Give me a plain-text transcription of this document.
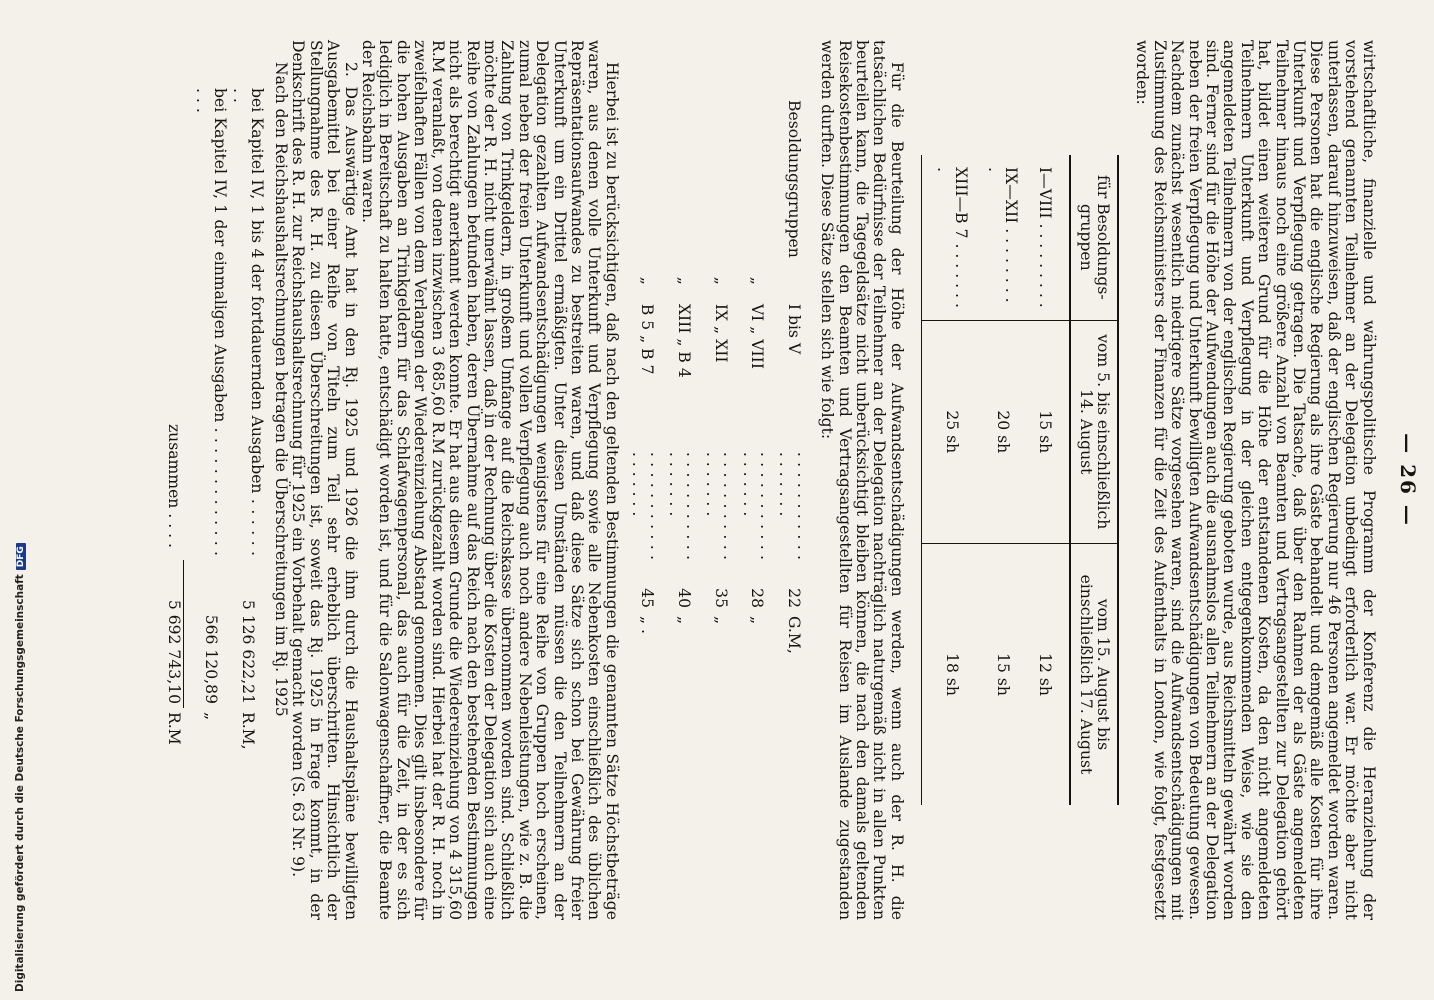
— 26 —

wirtschaftliche, finanzielle und währungspolitische Programm der Konferenz die Heranziehung der vorstehend genannten Teilnehmer an der Delegation unbedingt erforderlich war. Er möchte aber nicht unterlassen, darauf hinzuweisen, daß der englischen Regierung nur 46 Personen angemeldet worden waren. Diese Personen hat die englische Regierung als ihre Gäste behandelt und demgemäß alle Kosten für ihre Unterkunft und Verpflegung getragen. Die Tatsache, daß über den Rahmen der als Gäste angemeldeten Teilnehmer hinaus noch eine größere Anzahl von Beamten und Vertragsangestellten zur Delegation gehört hat, bildet einen weiteren Grund für die Höhe der entstandenen Kosten, da den nicht angemeldeten Teilnehmern Unterkunft und Verpflegung in der gleichen entgegenkommenden Weise, wie sie den angemeldeten Teilnehmern von der englischen Regierung geboten wurde, aus Reichsmitteln gewährt worden sind. Ferner sind für die Höhe der Aufwendungen auch die ausnahmslos allen Teilnehmern an der Delegation neben der freien Verpflegung und Unterkunft bewilligten Aufwandsentschädigungen von Bedeutung gewesen. Nachdem zunächst wesentlich niedrigere Sätze vorgesehen waren, sind die Aufwandsentschädigungen mit Zustimmung des Reichsministers der Finanzen für die Zeit des Aufenthalts in London, wie folgt, festgesetzt worden:

für Besoldungs-gruppen	vom 5. bis einschließlich 14. August	vom 15. August bis einschließlich 17. August
I—VIII . . . . . . . . .	15 sh	12 sh
IX—XII . . . . . . . . .	20 sh	15 sh
XIII—B 7 . . . . . . . .	25 sh	18 sh

Für die Beurteilung der Höhe der Aufwandsentschädigungen werden, wenn auch der R. H. die tatsächlichen Bedürfnisse der Teilnehmer an der Delegation nachträglich naturgemäß nicht in allen Punkten beurteilen kann, die Tagegeldsätze nicht unberücksichtigt bleiben können, die nach den damals geltenden Reisekostenbestimmungen den Beamten und Vertragsangestellten für Reisen im Auslande zugestanden werden durften. Diese Sätze stellen sich wie folgt:

Besoldungsgruppen		I bis V	. . . . . . . . . . . . . . . . . .	22	G.M,
	„	VI „ VIII	. . . . . . . . . . . . . . . . . .	28	„
	„	IX „ XII	. . . . . . . . . . . . . . . . . .	35	„
	„	XIII „ B 4	. . . . . . . . . . . . . . . . . .	40	„
	„	B 5 „ B 7	. . . . . . . . . . . . . . . . . .	45	„ .

Hierbei ist zu berücksichtigen, daß nach den geltenden Bestimmungen die genannten Sätze Höchstbeträge waren, aus denen volle Unterkunft und Verpflegung sowie alle Nebenkosten einschließlich des üblichen Repräsentationsaufwandes zu bestreiten waren, und daß diese Sätze sich schon bei Gewährung freier Unterkunft um ein Drittel ermäßigten. Unter diesen Umständen müssen die den Teilnehmern an der Delegation gezahlten Aufwandsentschädigungen wenigstens für eine Reihe von Gruppen hoch erscheinen, zumal neben der freien Unterkunft und vollen Verpflegung auch noch andere Nebenleistungen, wie z. B. die Zahlung von Trinkgeldern, in großem Umfange auf die Reichskasse übernommen worden sind. Schließlich möchte der R. H. nicht unerwähnt lassen, daß in der Rechnung über die Kosten der Delegation sich auch eine Reihe von Zahlungen befunden haben, deren Übernahme auf das Reich nach den bestehenden Bestimmungen nicht als berechtigt anerkannt werden konnte. Er hat aus diesem Grunde die Wiedereinziehung von 4 315,60 R.M veranlaßt, von denen inzwischen 3 685,60 R.M zurückgezahlt worden sind. Hierbei hat der R. H. noch in zweifelhaften Fällen von dem Verlangen der Wiedereinziehung Abstand genommen. Dies gilt insbesondere für die hohen Ausgaben an Trinkgeldern für das Schlafwagenpersonal, das auch für die Zeit, in der es sich lediglich in Bereitschaft zu halten hatte, entschädigt worden ist, und für die Salonwagenschaffner, die Beamte der Reichsbahn waren.

2. Das Auswärtige Amt hat in den Rj. 1925 und 1926 die ihm durch die Haushaltspläne bewilligten Ausgabemittel bei einer Reihe von Titeln zum Teil sehr erheblich überschritten. Hinsichtlich der Stellungnahme des R. H. zu diesen Überschreitungen ist, soweit das Rj. 1925 in Frage kommt, in der Denkschrift des R. H. zur Reichshaushaltsrechnung für 1925 ein Vorbehalt gemacht worden (S. 63 Nr. 9).

Nach den Reichshaushaltsrechnungen betragen die Überschreitungen im Rj. 1925

bei Kapitel IV, 1 bis 4 der fortdauernden Ausgaben . . . . . . . .	5 126 622,21	R.M,
bei Kapitel IV, 1 der einmaligen Ausgaben . . . . . . . . . . . . . . . .	566 120,89	„

zusammen . . . .	5 692 743,10	R.M
Digitalisierung gefördert durch die Deutsche ForschungsgemeinschaftDFG
